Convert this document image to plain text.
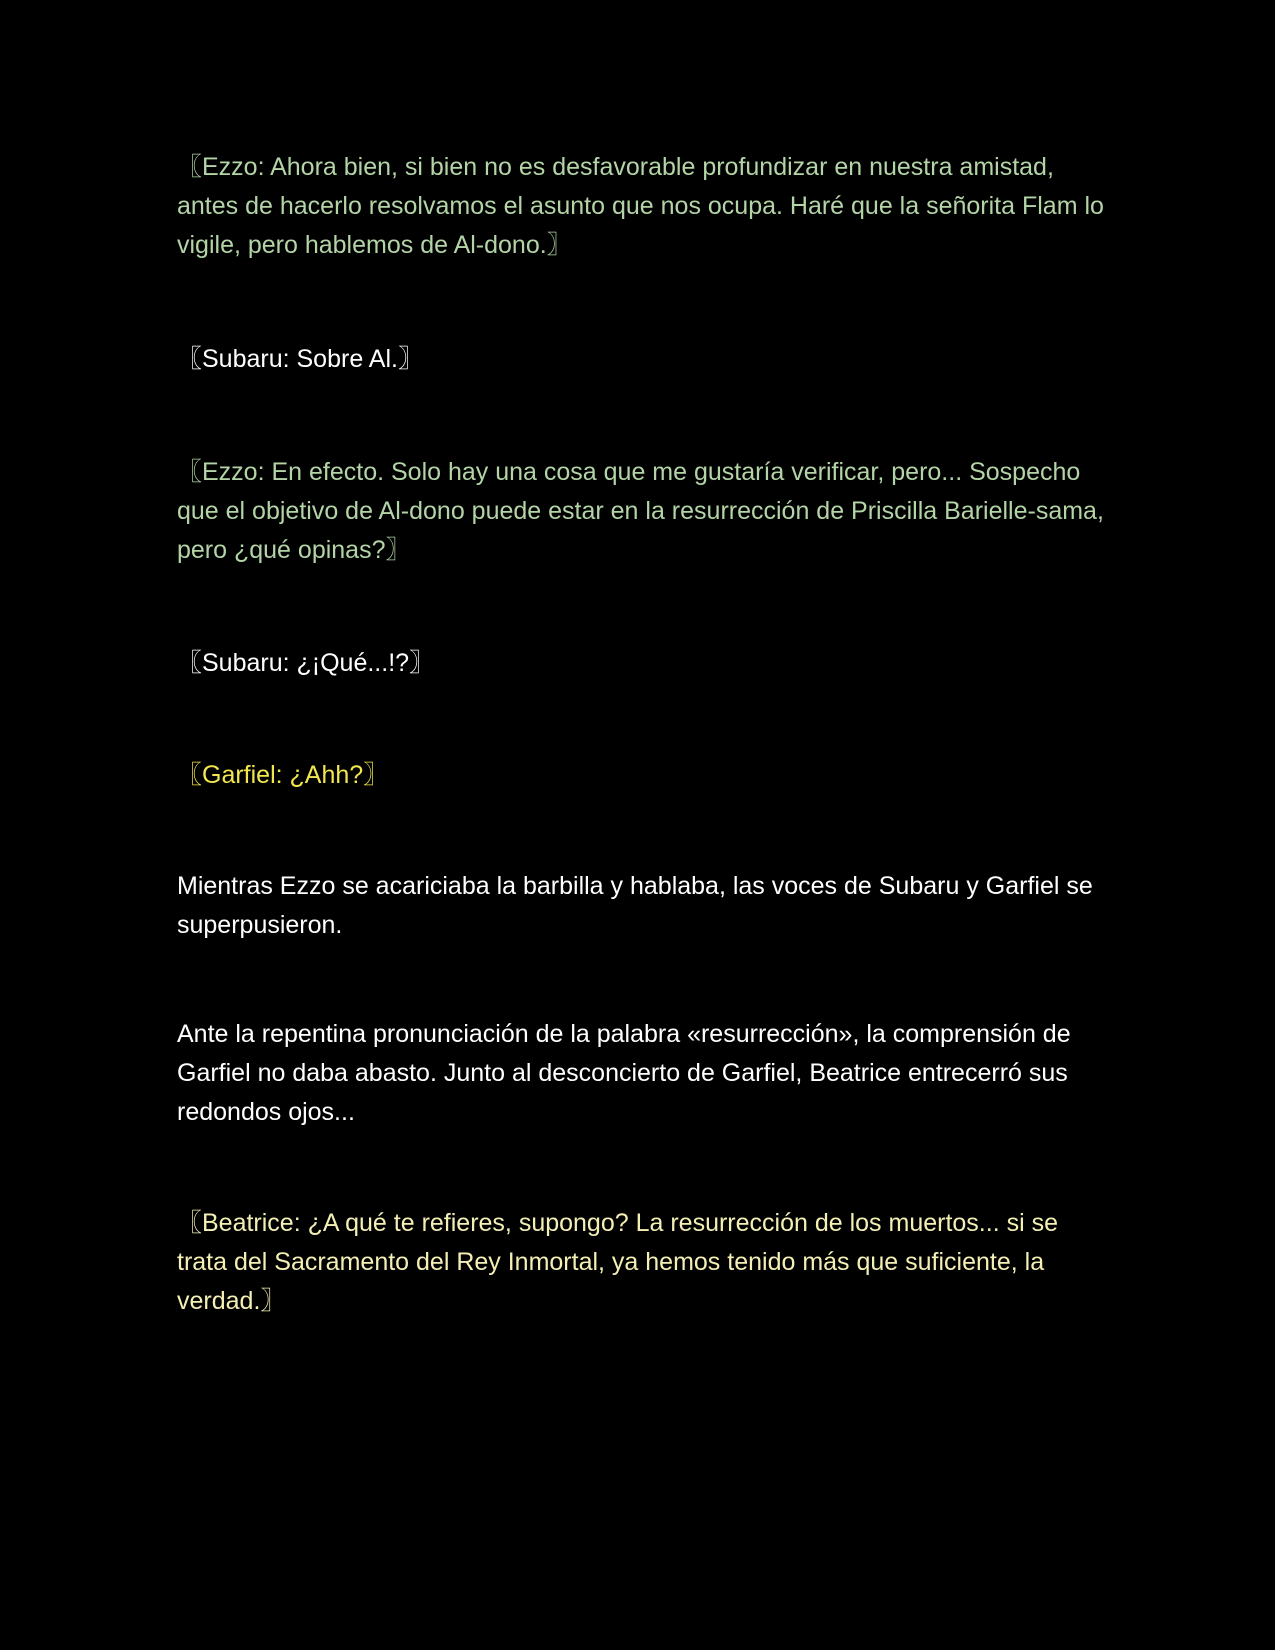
〖Ezzo: Ahora bien, si bien no es desfavorable profundizar en nuestra amistad, antes de hacerlo resolvamos el asunto que nos ocupa. Haré que la señorita Flam lo vigile, pero hablemos de Al-dono.〗

〖Subaru: Sobre Al.〗

〖Ezzo: En efecto. Solo hay una cosa que me gustaría verificar, pero... Sospecho que el objetivo de Al-dono puede estar en la resurrección de Priscilla Barielle-sama, pero ¿qué opinas?〗

〖Subaru: ¿¡Qué...!?〗

〖Garfiel: ¿Ahh?〗

Mientras Ezzo se acariciaba la barbilla y hablaba, las voces de Subaru y Garfiel se superpusieron.

Ante la repentina pronunciación de la palabra «resurrección», la comprensión de Garfiel no daba abasto. Junto al desconcierto de Garfiel, Beatrice entrecerró sus redondos ojos...

〖Beatrice: ¿A qué te refieres, supongo? La resurrección de los muertos... si se trata del Sacramento del Rey Inmortal, ya hemos tenido más que suficiente, la verdad.〗
